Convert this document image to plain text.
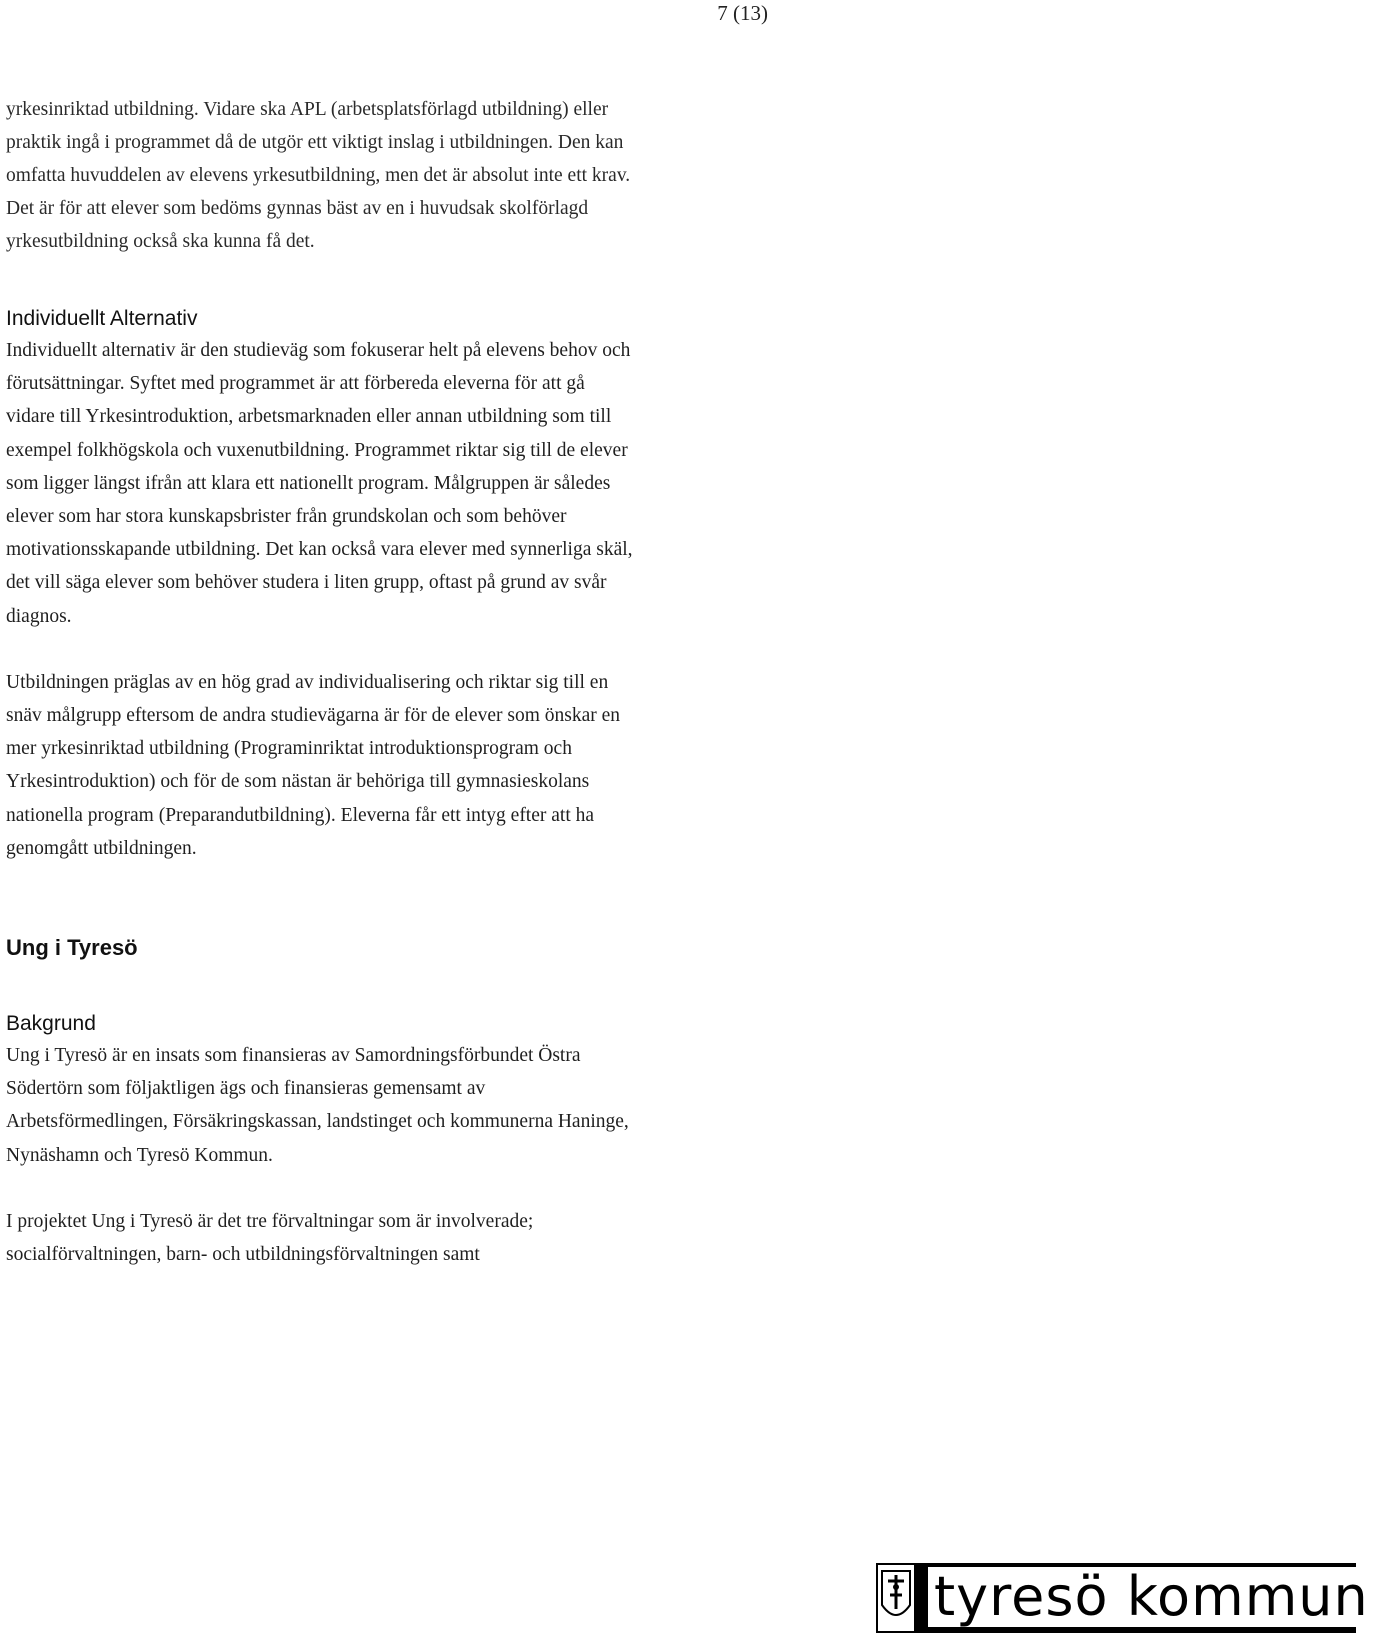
7 (13)

yrkesinriktad utbildning. Vidare ska APL (arbetsplatsförlagd utbildning) eller
praktik ingå i programmet då de utgör ett viktigt inslag i utbildningen. Den kan
omfatta huvuddelen av elevens yrkesutbildning, men det är absolut inte ett krav.
Det är för att elever som bedöms gynnas bäst av en i huvudsak skolförlagd
yrkesutbildning också ska kunna få det.

Individuellt Alternativ

Individuellt alternativ är den studieväg som fokuserar helt på elevens behov och
förutsättningar. Syftet med programmet är att förbereda eleverna för att gå
vidare till Yrkesintroduktion, arbetsmarknaden eller annan utbildning som till
exempel folkhögskola och vuxenutbildning. Programmet riktar sig till de elever
som ligger längst ifrån att klara ett nationellt program. Målgruppen är således
elever som har stora kunskapsbrister från grundskolan och som behöver
motivationsskapande utbildning. Det kan också vara elever med synnerliga skäl,
det vill säga elever som behöver studera i liten grupp, oftast på grund av svår
diagnos.

Utbildningen präglas av en hög grad av individualisering och riktar sig till en
snäv målgrupp eftersom de andra studievägarna är för de elever som önskar en
mer yrkesinriktad utbildning (Programinriktat introduktionsprogram och
Yrkesintroduktion) och för de som nästan är behöriga till gymnasieskolans
nationella program (Preparandutbildning). Eleverna får ett intyg efter att ha
genomgått utbildningen.

Ung i Tyresö
Bakgrund

Ung i Tyresö är en insats som finansieras av Samordningsförbundet Östra
Södertörn som följaktligen ägs och finansieras gemensamt av
Arbetsförmedlingen, Försäkringskassan, landstinget och kommunerna Haninge,
Nynäshamn och Tyresö Kommun.

I projektet Ung i Tyresö är det tre förvaltningar som är involverade;
socialförvaltningen, barn- och utbildningsförvaltningen samt

tyresö kommun
